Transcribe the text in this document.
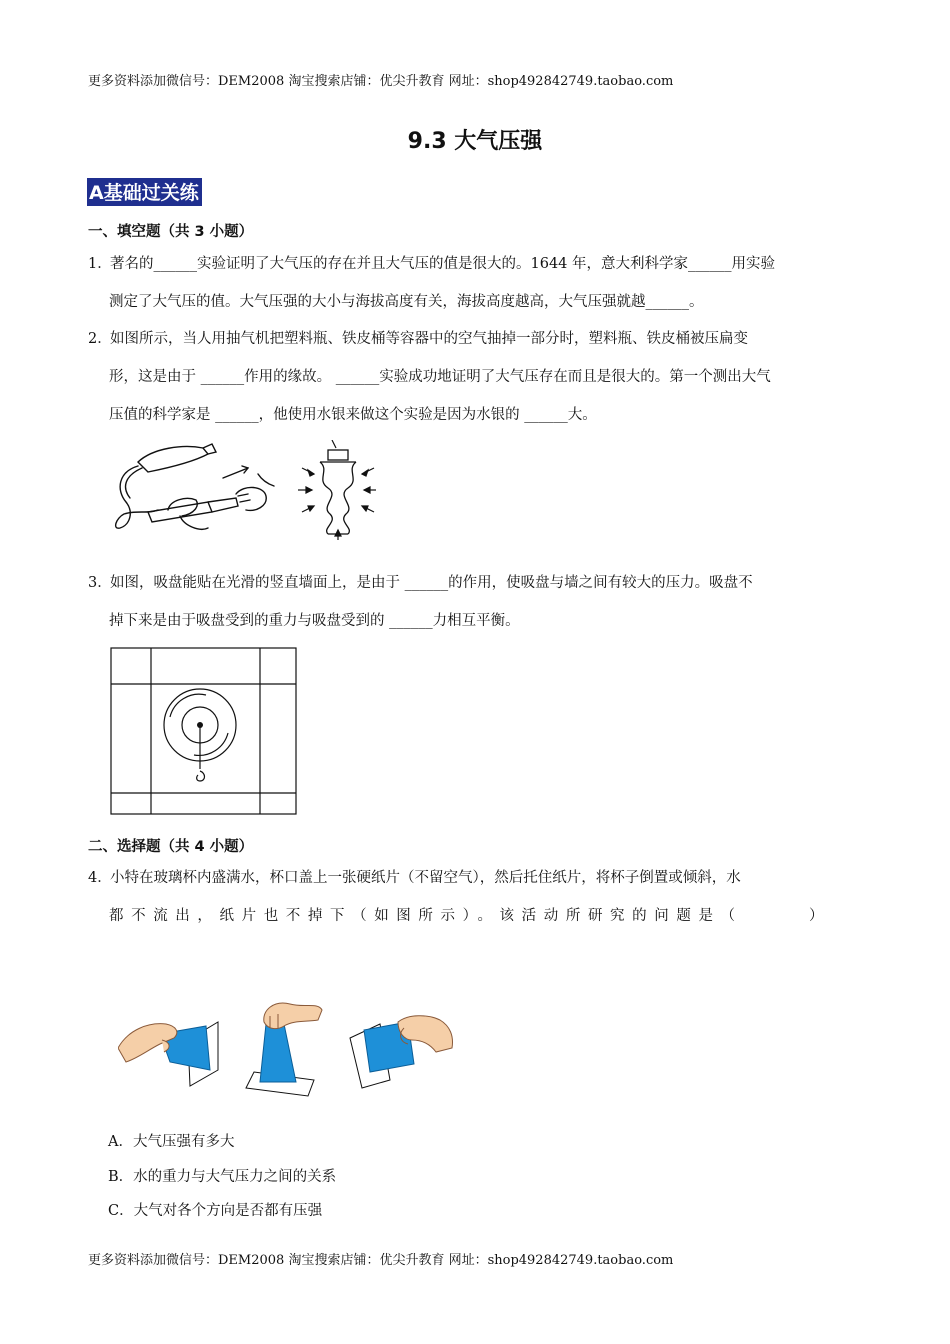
更多资料添加微信号：DEM2008 淘宝搜索店铺：优尖升教育 网址：shop492842749.taobao.com
9.3 大气压强
A基础过关练
一、填空题（共 3 小题）

1．著名的______实验证明了大气压的存在并且大气压的值是很大的。1644 年，意大利科学家______用实验

测定了大气压的值。大气压强的大小与海拔高度有关，海拔高度越高，大气压强就越______。

2．如图所示，当人用抽气机把塑料瓶、铁皮桶等容器中的空气抽掉一部分时，塑料瓶、铁皮桶被压扁变

形，这是由于 ______作用的缘故。 ______实验成功地证明了大气压存在而且是很大的。第一个测出大气

压值的科学家是 ______，他使用水银来做这个实验是因为水银的 ______大。

3．如图，吸盘能贴在光滑的竖直墙面上，是由于 ______的作用，使吸盘与墙之间有较大的压力。吸盘不

掉下来是由于吸盘受到的重力与吸盘受到的 ______力相互平衡。

二、选择题（共 4 小题）

4．小特在玻璃杯内盛满水，杯口盖上一张硬纸片（不留空气），然后托住纸片，将杯子倒置或倾斜，水

都不流出，纸片也不掉下（如图所示）。该活动所研究的问题是（　　　）

A．大气压强有多大
B．水的重力与大气压力之间的关系
C．大气对各个方向是否都有压强
更多资料添加微信号：DEM2008 淘宝搜索店铺：优尖升教育 网址：shop492842749.taobao.com
